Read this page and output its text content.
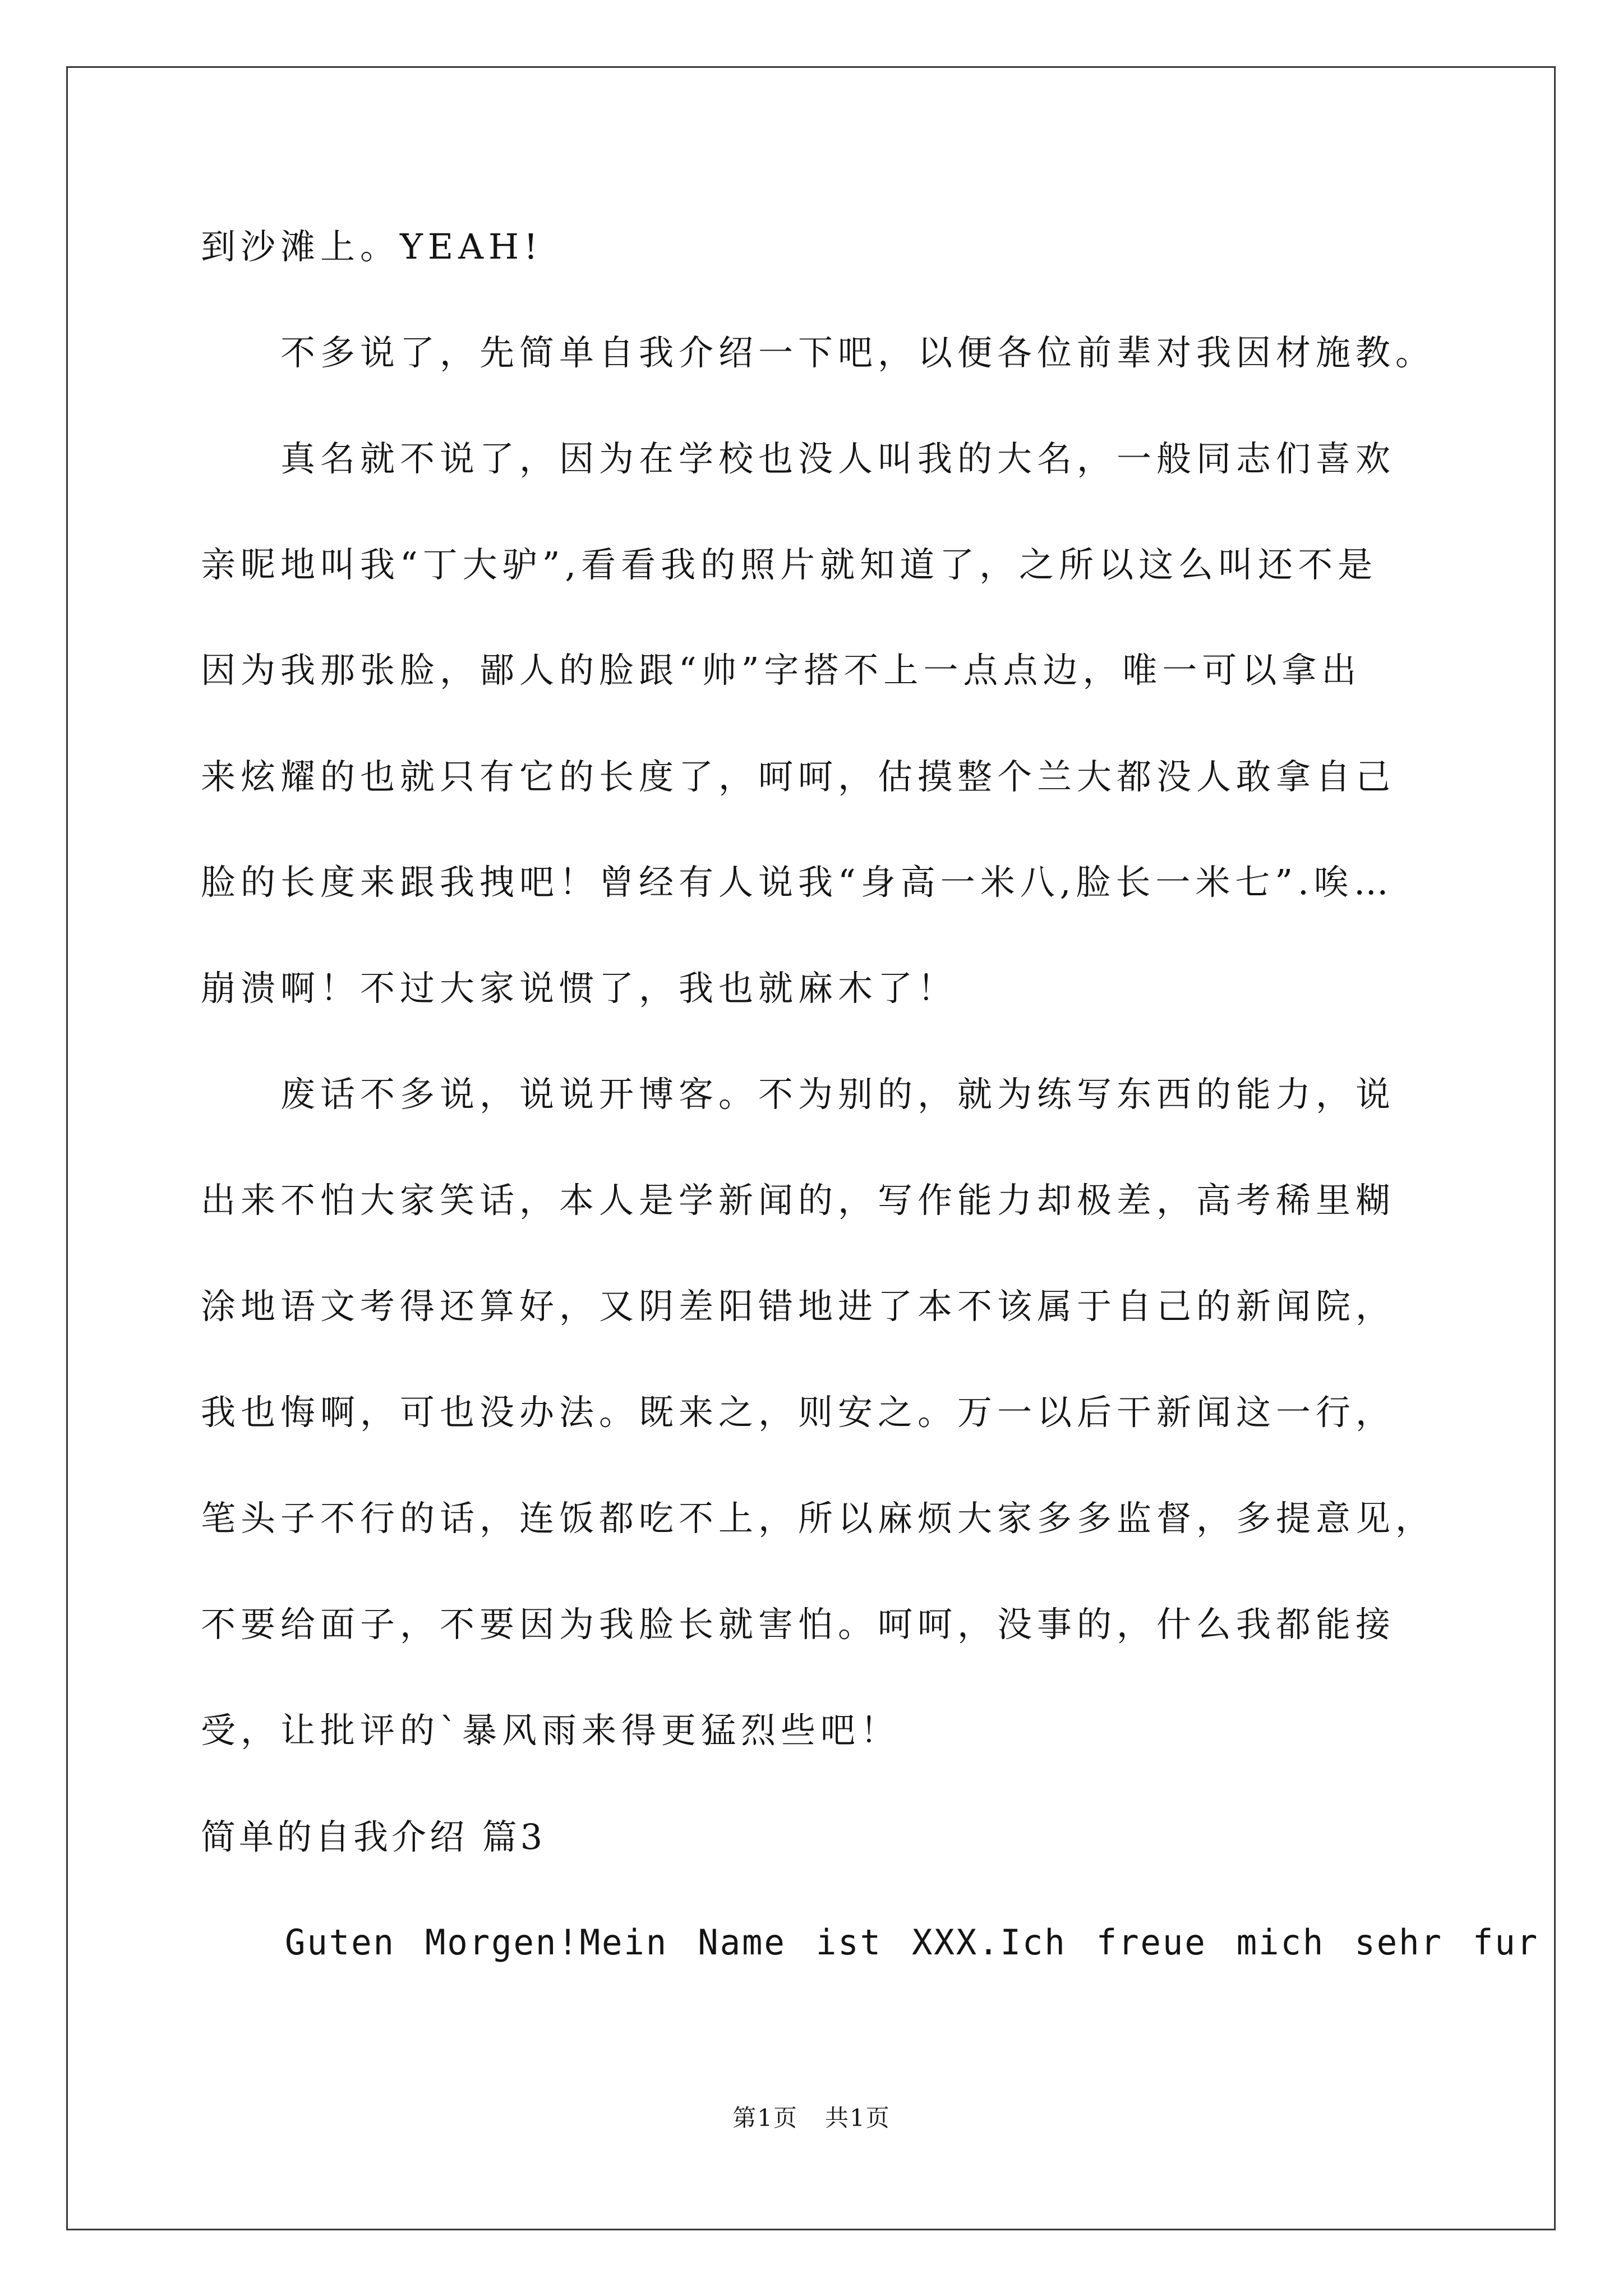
到沙滩上。YEAH!
不多说了，先简单自我介绍一下吧，以便各位前辈对我因材施教。
真名就不说了，因为在学校也没人叫我的大名，一般同志们喜欢
亲昵地叫我“丁大驴”,看看我的照片就知道了，之所以这么叫还不是
因为我那张脸，鄙人的脸跟“帅”字搭不上一点点边，唯一可以拿出
来炫耀的也就只有它的长度了，呵呵，估摸整个兰大都没人敢拿自己
脸的长度来跟我拽吧！曾经有人说我“身高一米八,脸长一米七”.唉…
崩溃啊！不过大家说惯了，我也就麻木了！
废话不多说，说说开博客。不为别的，就为练写东西的能力，说
出来不怕大家笑话，本人是学新闻的，写作能力却极差，高考稀里糊
涂地语文考得还算好，又阴差阳错地进了本不该属于自己的新闻院，
我也悔啊，可也没办法。既来之，则安之。万一以后干新闻这一行，
笔头子不行的话，连饭都吃不上，所以麻烦大家多多监督，多提意见，
不要给面子，不要因为我脸长就害怕。呵呵，没事的，什么我都能接
受，让批评的`暴风雨来得更猛烈些吧！
简单的自我介绍 篇3
Guten Morgen!Mein Name ist XXX.Ich freue mich sehr fur
第1页 共1页
